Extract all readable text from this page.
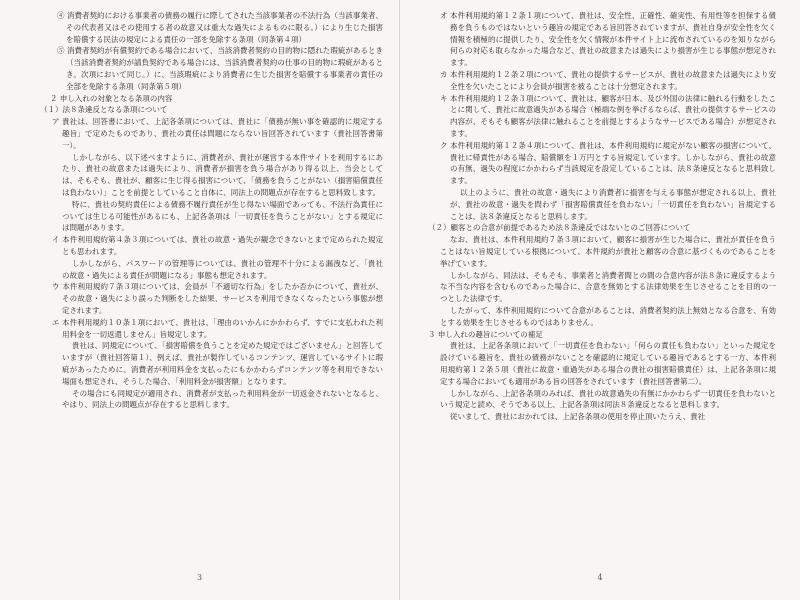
④ 消費者契約における事業者の債務の履行に際してされた当該事業者の不法行為（当該事業者、その代表者又はその使用する者の故意又は重大な過失によるものに限る。）により生じた損害を賠償する民法の規定による責任の一部を免除する条項（同条第４項）

⑤ 消費者契約が有償契約である場合において、当該消費者契約の目的物に隠れた瑕疵があるとき（当該消費者契約が請負契約である場合には、当該消費者契約の仕事の目的物に瑕疵があるとき。次項において同じ。）に、当該瑕疵により消費者に生じた損害を賠償する事業者の責任の全部を免除する条項（同条第５項）

２ 申し入れの対象となる条項の内容

（１）法８条違反となる条項について

ア 貴社は、回答書において、上記各条項については、貴社に「債務が無い事を確認的に規定する趣旨」で定めたものであり、貴社の責任は問題にならない旨回答されています（貴社回答書第一）。

しかしながら、以下述べますように、消費者が、貴社が運営する本件サイトを利用するにあたり、貴社の故意または過失により、消費者が損害を負う場合があり得る以上、当会としては、そもそも、貴社が、顧客に生じ得る損害について、「債務を負うことがない（損害賠償責任は負わない）」ことを前提としていること自体に、同法上の問題点が存在すると思料致します。

特に、貴社の契約責任による債務不履行責任が生じ得ない場面であっても、不法行為責任については生じる可能性があるにも、上記各条項は「一切責任を負うことがない」とする規定には問題があります。

イ 本件利用規約第４条３項については、貴社の故意・過失が観念できないとまで定められた規定とも思われます。

しかしながら、パスワードの管理等については、貴社の管理不十分による漏洩など、「貴社の故意・過失による責任が問題になる」事態も想定されます。

ウ 本件利用規約７条３項については、会員が「不適切な行為」をしたか否かについて、貴社が、その故意・過失により誤った判断をした結果、サービスを利用できなくなったという事態が想定されます。

エ 本件利用規約１０条１項において、貴社は、「理由のいかんにかかわらず、すでに支払われた利用料金を一切返還しません」旨規定します。

貴社は、同規定について、「損害賠償を負うことを定めた規定ではございません」と回答していますが（貴社回答第１）、例えば、貴社が製作しているコンテンツ、運営しているサイトに瑕疵があったために、消費者が利用料金を支払ったにもかかわらずコンテンツ等を利用できない場面も想定され、そうした場合、「利用料金が損害額」となります。

その場合にも同規定が適用され、消費者が支払った利用料金が一切返金されないとなると、やはり、同法上の問題点が存在すると思料します。

3

オ 本件利用規約第１２条１項について、貴社は、安全性、正確性、確実性、有用性等を担保する債務を負うものではないという趣旨の規定である旨回答されていますが、貴社自身が安全性を欠く情報を積極的に提供したり、安全性を欠く情報が本件サイト上に流布されているのを知りながら何らの対応も取らなかった場合など、貴社の故意または過失により損害が生じる事態が想定されます。

カ 本件利用規約１２条２項について、貴社の提供するサービスが、貴社の故意または過失により安全性を欠いたことにより会員が損害を被ることは十分想定されます。

キ 本件利用規約１２条３項について、貴社は、顧客が日本、及び外国の法律に触れる行動をしたことに関して、貴社に故意過失がある場合（極端な例を挙げるならば、貴社の提供するサービスの内容が、そもそも顧客が法律に触れることを前提とするようなサービスである場合）が想定されます。

ク 本件利用規約第１２条４項について、貴社は、本件利用規約に規定がない顧客の損害について、貴社に帰責性がある場合、賠償額を１万円とする旨規定しています。しかしながら、貴社の故意の有無、過失の程度にかかわらず当該規定を設定していることは、法８条違反となると思料致します。

以上のように、貴社の故意・過失により消費者に損害を与える事態が想定される以上、貴社が、貴社の故意・過失を問わず「損害賠償責任を負わない」「一切責任を負わない」旨規定することは、法８条違反となると思料します。

（２）顧客との合意が前提であるため法８条違反ではないとのご回答について

なお、貴社は、本件利用規約７条３項において、顧客に損害が生じた場合に、貴社が責任を負うことはない旨規定している根拠について、本件規約が貴社と顧客の合意に基づくものであることを挙げています。

しかしながら、同法は、そもそも、事業者と消費者間との間の合意内容が法８条に違反するような不当な内容を含むものであった場合に、合意を無効とする法律効果を生じさせることを目的の一つとした法律です。

したがって、本件利用規約について合意があることは、消費者契約法上無効となる合意を、有効とする効果を生じさせるものではありません。

３ 申し入れの趣旨についての補足

貴社は、上記各条項において「一切責任を負わない」「何らの責任も負わない」といった規定を設けている趣旨を、貴社の債務がないことを確認的に規定している趣旨であるとする一方、本件利用規約第１２条５項（貴社に故意・重過失がある場合の貴社の損害賠償責任）は、上記各条項に規定する場合においても適用がある旨の回答をされています（貴社回答書第二）。

しかしながら、上記各条項のみれば、貴社の故意過失の有無にかかわらず一切責任を負わないという規定と読め、そうである以上、上記各条項は同法８条違反となると思料します。

従いまして、貴社におかれては、上記各条項の使用を停止頂いたうえ、貴社

4
